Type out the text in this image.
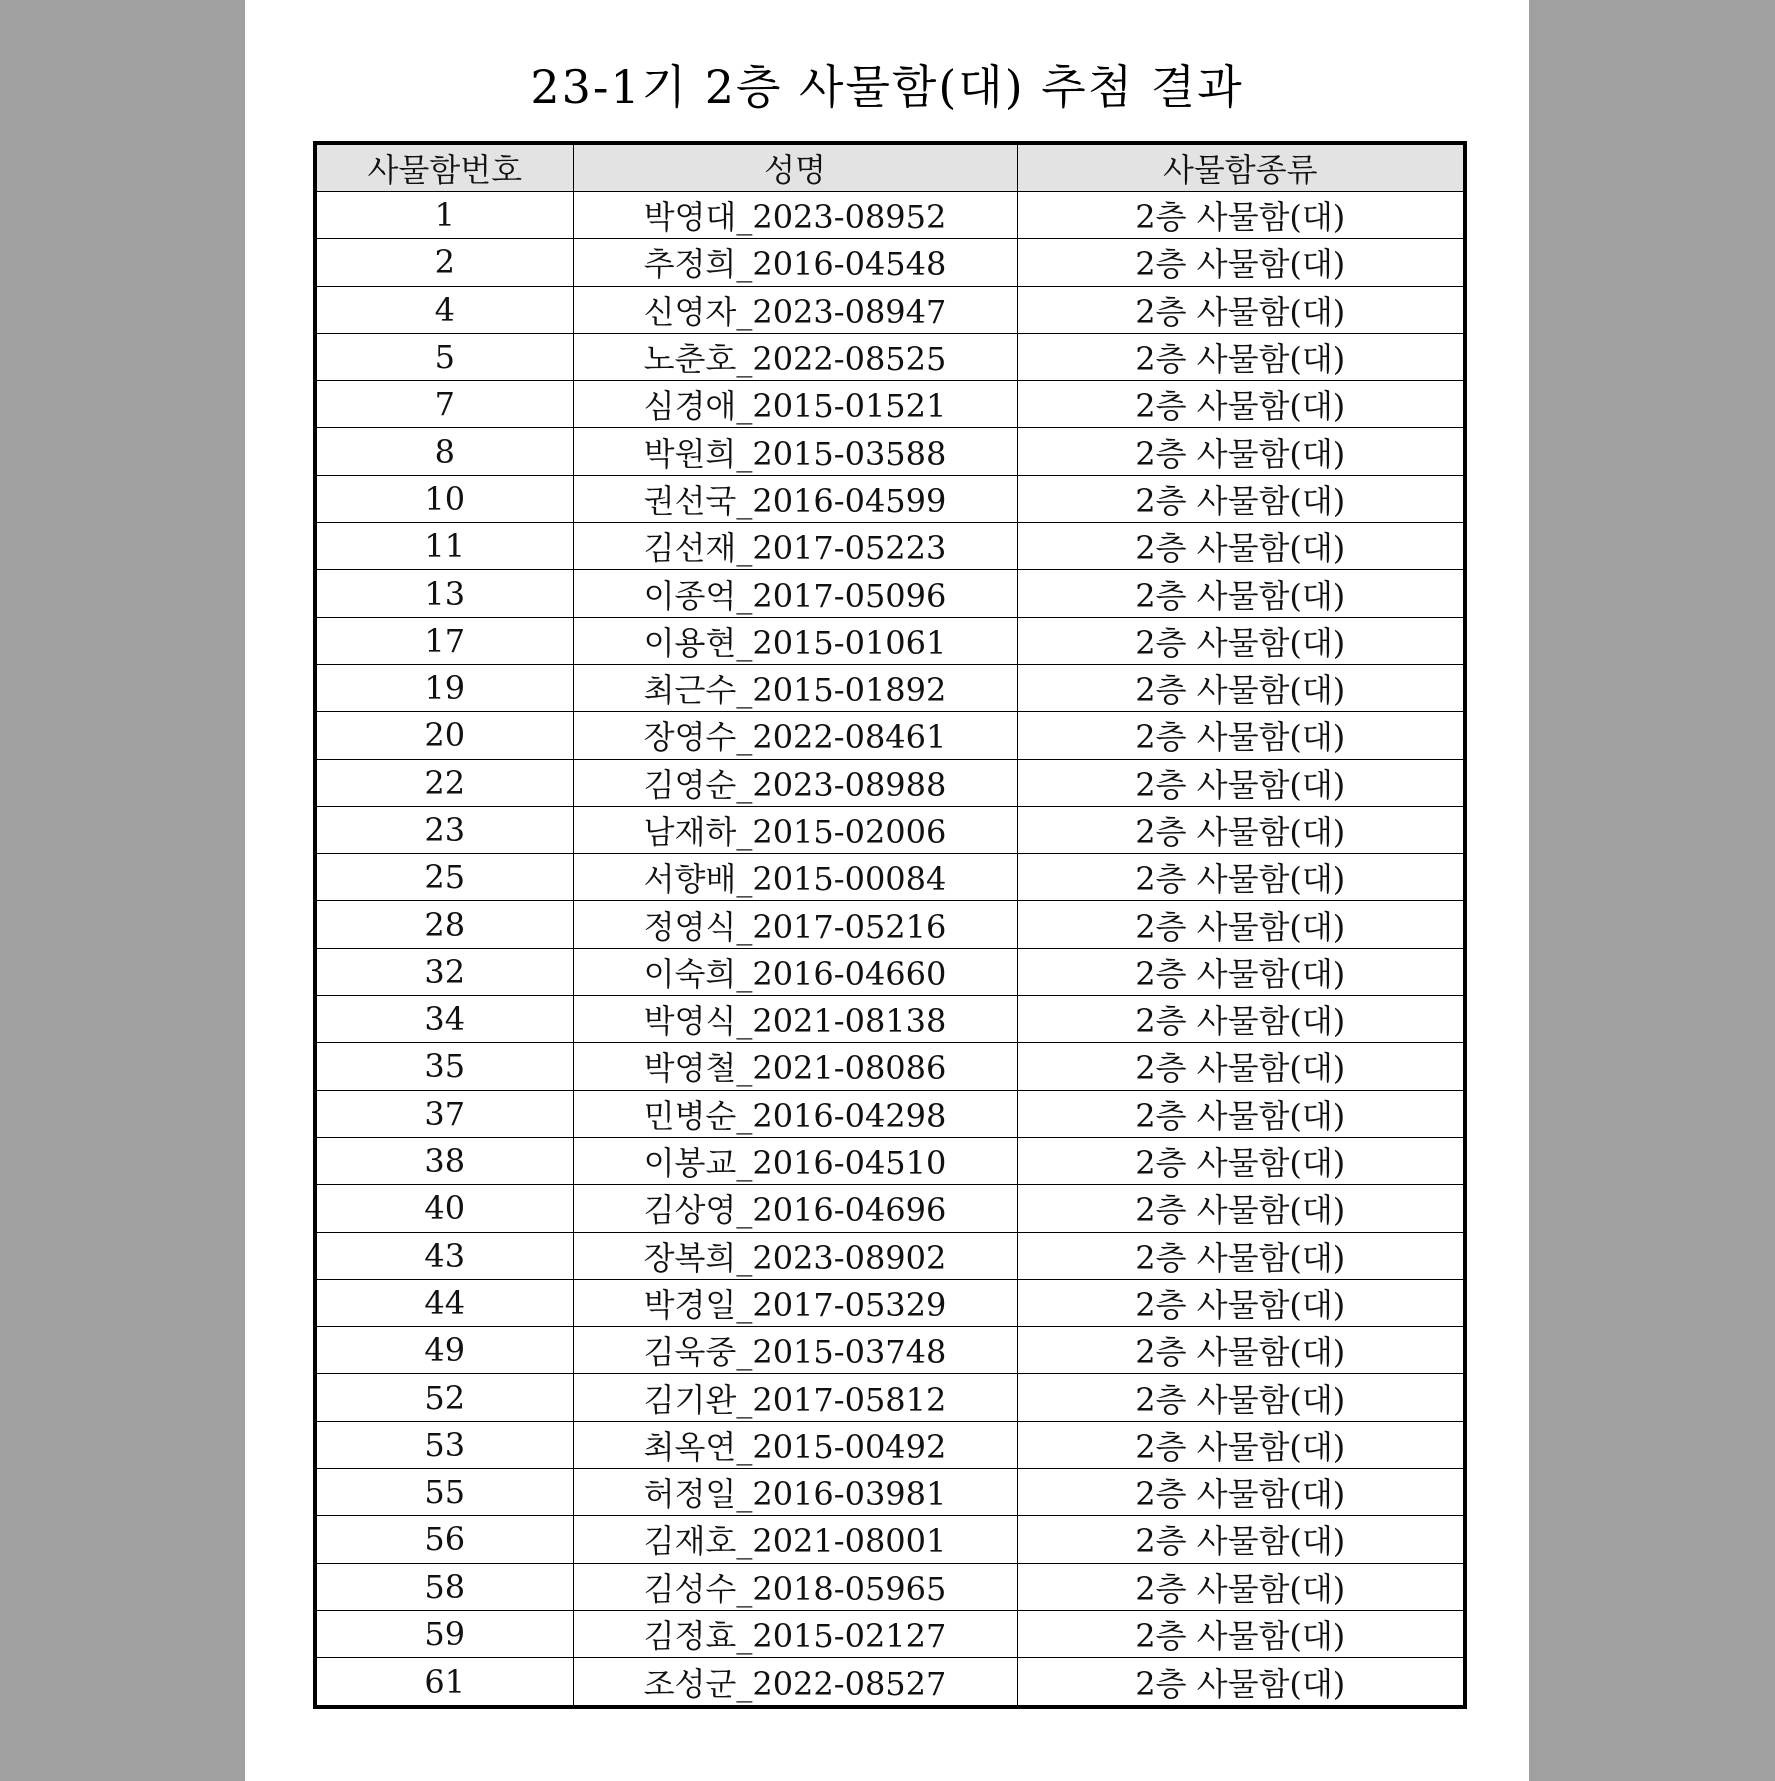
23-1기 2층 사물함(대) 추첨 결과
사물함번호	성명	사물함종류
1	박영대_2023-08952	2층 사물함(대)
2	추정희_2016-04548	2층 사물함(대)
4	신영자_2023-08947	2층 사물함(대)
5	노춘호_2022-08525	2층 사물함(대)
7	심경애_2015-01521	2층 사물함(대)
8	박원희_2015-03588	2층 사물함(대)
10	권선국_2016-04599	2층 사물함(대)
11	김선재_2017-05223	2층 사물함(대)
13	이종억_2017-05096	2층 사물함(대)
17	이용현_2015-01061	2층 사물함(대)
19	최근수_2015-01892	2층 사물함(대)
20	장영수_2022-08461	2층 사물함(대)
22	김영순_2023-08988	2층 사물함(대)
23	남재하_2015-02006	2층 사물함(대)
25	서향배_2015-00084	2층 사물함(대)
28	정영식_2017-05216	2층 사물함(대)
32	이숙희_2016-04660	2층 사물함(대)
34	박영식_2021-08138	2층 사물함(대)
35	박영철_2021-08086	2층 사물함(대)
37	민병순_2016-04298	2층 사물함(대)
38	이봉교_2016-04510	2층 사물함(대)
40	김상영_2016-04696	2층 사물함(대)
43	장복희_2023-08902	2층 사물함(대)
44	박경일_2017-05329	2층 사물함(대)
49	김욱중_2015-03748	2층 사물함(대)
52	김기완_2017-05812	2층 사물함(대)
53	최옥연_2015-00492	2층 사물함(대)
55	허정일_2016-03981	2층 사물함(대)
56	김재호_2021-08001	2층 사물함(대)
58	김성수_2018-05965	2층 사물함(대)
59	김정효_2015-02127	2층 사물함(대)
61	조성군_2022-08527	2층 사물함(대)
